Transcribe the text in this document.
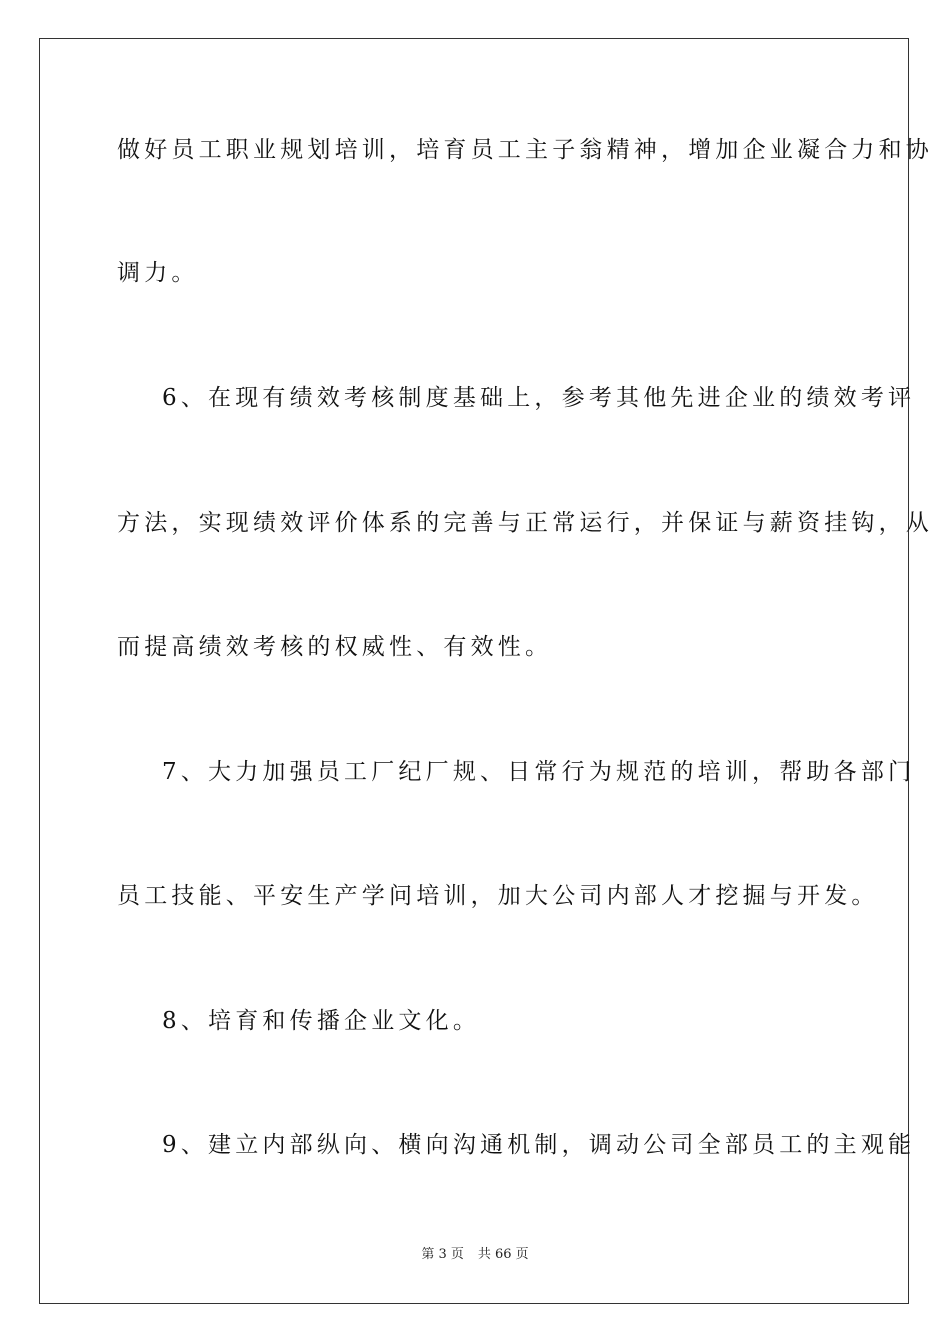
做好员工职业规划培训，培育员工主子翁精神，增加企业凝合力和协
调力。
6、在现有绩效考核制度基础上，参考其他先进企业的绩效考评
方法，实现绩效评价体系的完善与正常运行，并保证与薪资挂钩，从
而提高绩效考核的权威性、有效性。
7、大力加强员工厂纪厂规、日常行为规范的培训，帮助各部门
员工技能、平安生产学问培训，加大公司内部人才挖掘与开发。
8、培育和传播企业文化。
9、建立内部纵向、横向沟通机制，调动公司全部员工的主观能
第 3 页 共 66 页
